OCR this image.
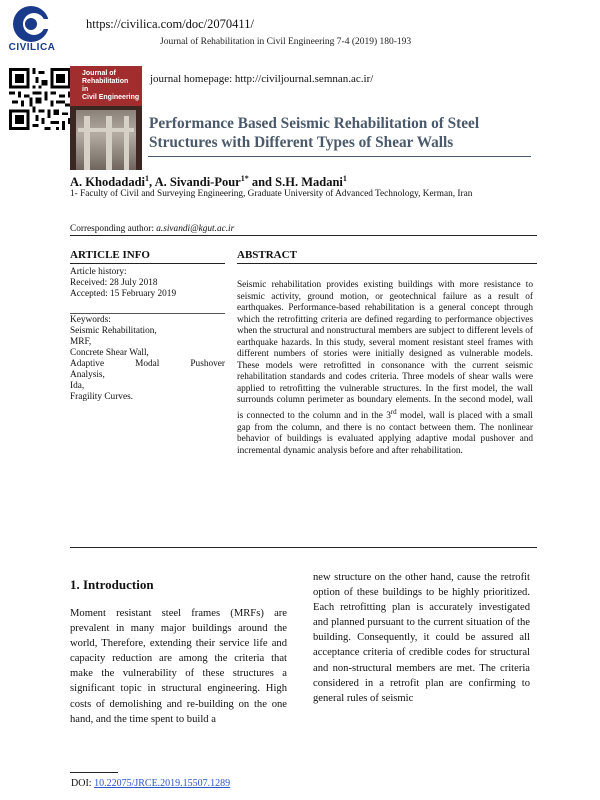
CIVILICA
https://civilica.com/doc/2070411/
Journal of Rehabilitation in Civil Engineering 7-4 (2019) 180-193
Journal of
Rehabilitation
in
Civil Engineering
journal homepage: http://civiljournal.semnan.ac.ir/
Performance Based Seismic Rehabilitation of Steel Structures with Different Types of Shear Walls
A. Khodadadi$^1$, A. Sivandi-Pour$^{1*}$ and S.H. Madani$^1$
1- Faculty of Civil and Surveying Engineering, Graduate University of Advanced Technology, Kerman, Iran
Corresponding author: a.sivandi@kgut.ac.ir
ARTICLE INFO	ABSTRACT
Article history:
Received: 28 July 2018
Accepted: 15 February 2019
Keywords:
Seismic Rehabilitation,
MRF,
Concrete Shear Wall,
Adaptive Modal Pushover
Analysis,
Ida,
Fragility Curves.
Seismic rehabilitation provides existing buildings with more resistance to seismic activity, ground motion, or geotechnical failure as a result of earthquakes. Performance-based rehabilitation is a general concept through which the retrofitting criteria are defined regarding to performance objectives when the structural and nonstructural members are subject to different levels of earthquake hazards. In this study, several moment resistant steel frames with different numbers of stories were initially designed as vulnerable models. These models were retrofitted in consonance with the current seismic rehabilitation standards and codes criteria. Three models of shear walls were applied to retrofitting the vulnerable structures. In the first model, the wall surrounds column perimeter as boundary elements. In the second model, wall is connected to the column and in the 3rd model, wall is placed with a small gap from the column, and there is no contact between them. The nonlinear behavior of buildings is evaluated applying adaptive modal pushover and incremental dynamic analysis before and after rehabilitation.
1. Introduction
Moment resistant steel frames (MRFs) are prevalent in many major buildings around the world, Therefore, extending their service life and capacity reduction are among the criteria that make the vulnerability of these structures a significant topic in structural engineering. High costs of demolishing and re-building on the one hand, and the time spent to build a
new structure on the other hand, cause the retrofit option of these buildings to be highly prioritized. Each retrofitting plan is accurately investigated and planned pursuant to the current situation of the building. Consequently, it could be assured all acceptance criteria of credible codes for structural and non-structural members are met. The criteria considered in a retrofit plan are confirming to general rules of seismic
DOI: 10.22075/JRCE.2019.15507.1289
